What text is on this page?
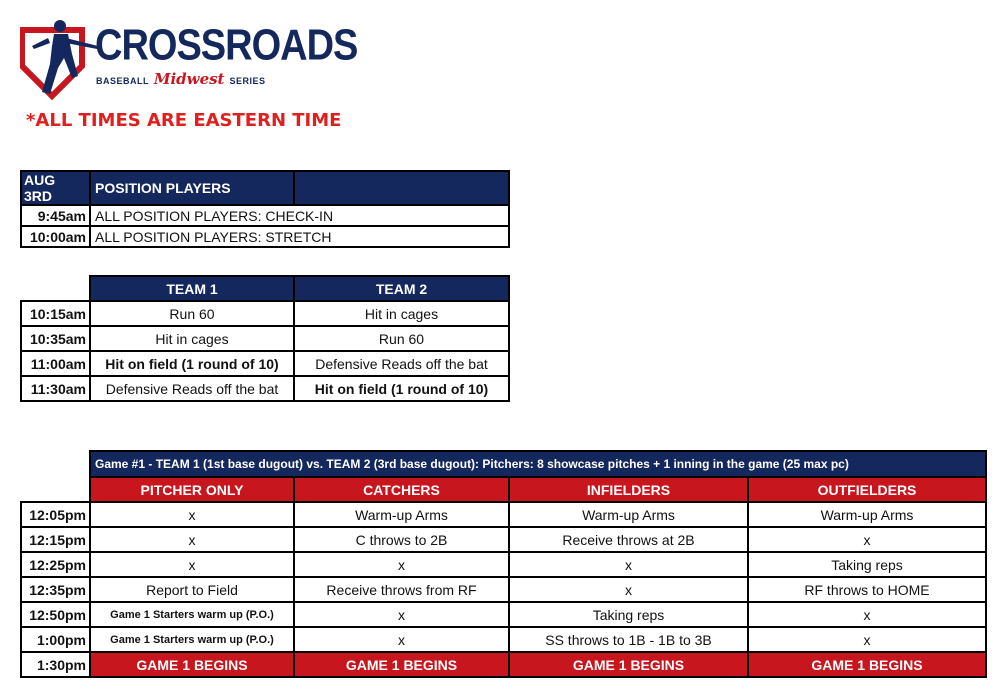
CROSSROADS
BASEBALL Midwest SERIES
*ALL TIMES ARE EASTERN TIME
AUG 3RD	POSITION PLAYERS	
9:45am	ALL POSITION PLAYERS: CHECK-IN	
10:00am	ALL POSITION PLAYERS: STRETCH	
	TEAM 1	TEAM 2
10:15am	Run 60	Hit in cages
10:35am	Hit in cages	Run 60
11:00am	Hit on field (1 round of 10)	Defensive Reads off the bat
11:30am	Defensive Reads off the bat	Hit on field (1 round of 10)
	Game #1 - TEAM 1 (1st base dugout) vs. TEAM 2 (3rd base dugout): Pitchers: 8 showcase pitches + 1 inning in the game (25 max pc)			
	PITCHER ONLY	CATCHERS	INFIELDERS	OUTFIELDERS
12:05pm	x	Warm-up Arms	Warm-up Arms	Warm-up Arms
12:15pm	x	C throws to 2B	Receive throws at 2B	x
12:25pm	x	x	x	Taking reps
12:35pm	Report to Field	Receive throws from RF	x	RF throws to HOME
12:50pm	Game 1 Starters warm up (P.O.)	x	Taking reps	x
1:00pm	Game 1 Starters warm up (P.O.)	x	SS throws to 1B - 1B to 3B	x
1:30pm	GAME 1 BEGINS	GAME 1 BEGINS	GAME 1 BEGINS	GAME 1 BEGINS
